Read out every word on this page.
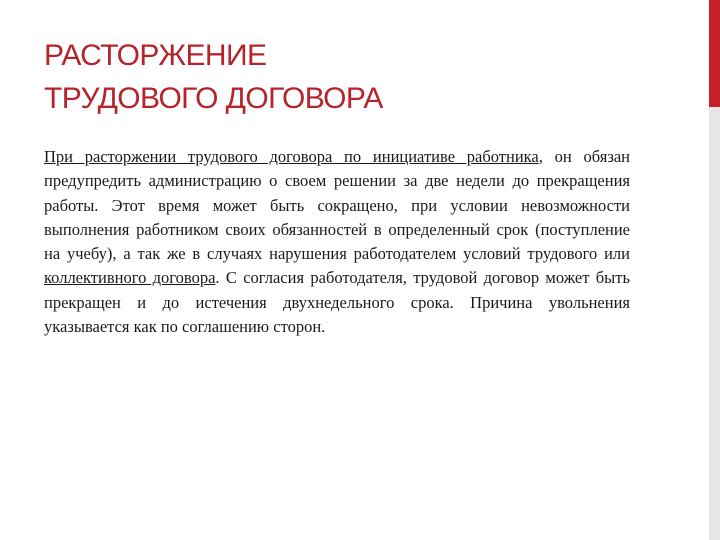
РАСТОРЖЕНИЕ
ТРУДОВОГО ДОГОВОРА

При расторжении трудового договора по инициативе работника, он обязан предупредить администрацию о своем решении за две недели до прекращения работы. Этот время может быть сокращено, при условии невозможности выполнения работником своих обязанностей в определенный срок (поступление на учебу), а так же в случаях нарушения работодателем условий трудового или коллективного договора. С согласия работодателя, трудовой договор может быть прекращен и до истечения двухнедельного срока. Причина увольнения указывается как по соглашению сторон.
